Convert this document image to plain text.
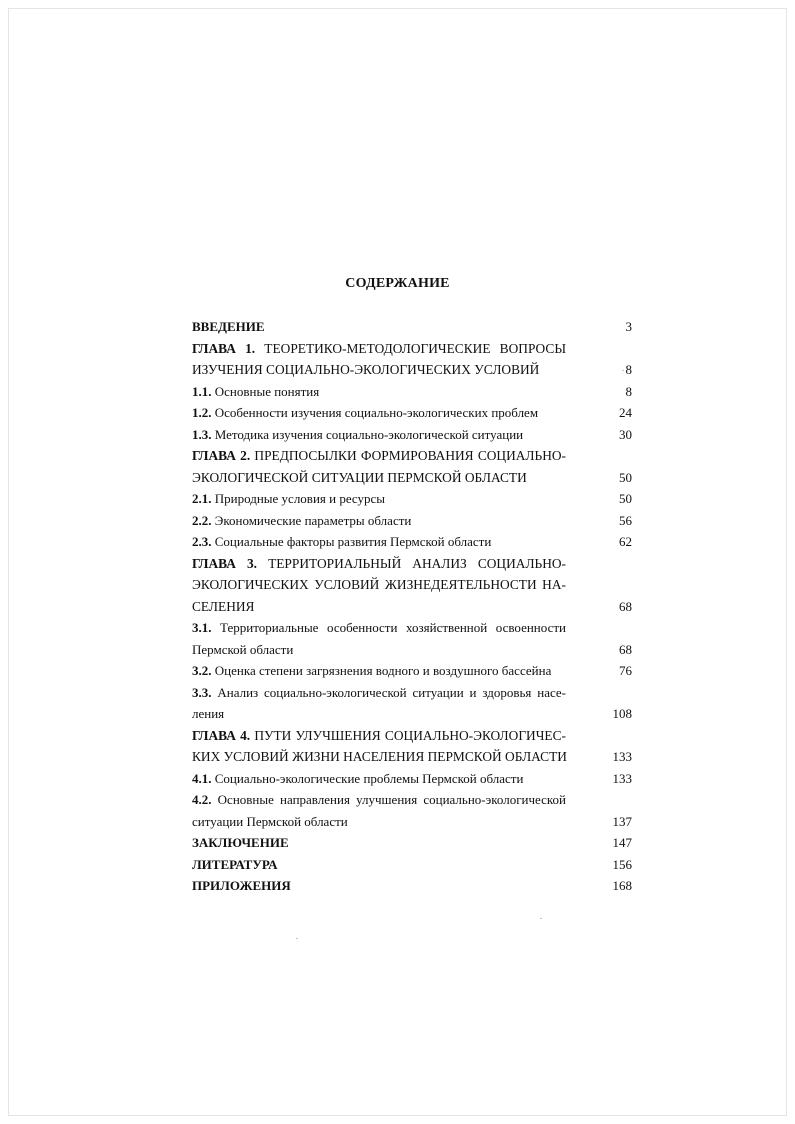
СОДЕРЖАНИЕ
ВВЕДЕНИЕ	3
ГЛАВА 1. ТЕОРЕТИКО-МЕТОДОЛОГИЧЕСКИЕ ВОПРОСЫ
ИЗУЧЕНИЯ СОЦИАЛЬНО-ЭКОЛОГИЧЕСКИХ УСЛОВИЙ	8
1.1. Основные понятия	8
1.2. Особенности изучения социально-экологических проблем	24
1.3. Методика изучения социально-экологической ситуации	30
ГЛАВА 2. ПРЕДПОСЫЛКИ ФОРМИРОВАНИЯ СОЦИАЛЬНО-
ЭКОЛОГИЧЕСКОЙ СИТУАЦИИ ПЕРМСКОЙ ОБЛАСТИ	50
2.1. Природные условия и ресурсы	50
2.2. Экономические параметры области	56
2.3. Социальные факторы развития Пермской области	62
ГЛАВА 3. ТЕРРИТОРИАЛЬНЫЙ АНАЛИЗ СОЦИАЛЬНО-
ЭКОЛОГИЧЕСКИХ УСЛОВИЙ ЖИЗНЕДЕЯТЕЛЬНОСТИ НА-
СЕЛЕНИЯ	68
3.1. Территориальные особенности хозяйственной освоенности
Пермской области	68
3.2. Оценка степени загрязнения водного и воздушного бассейна	76
3.3. Анализ социально-экологической ситуации и здоровья насе-
ления	108
ГЛАВА 4. ПУТИ УЛУЧШЕНИЯ СОЦИАЛЬНО-ЭКОЛОГИЧЕС-
КИХ УСЛОВИЙ ЖИЗНИ НАСЕЛЕНИЯ ПЕРМСКОЙ ОБЛАСТИ	133
4.1. Социально-экологические проблемы Пермской области	133
4.2. Основные направления улучшения социально-экологической
ситуации Пермской области	137
ЗАКЛЮЧЕНИЕ	147
ЛИТЕРАТУРА	156
ПРИЛОЖЕНИЯ	168
